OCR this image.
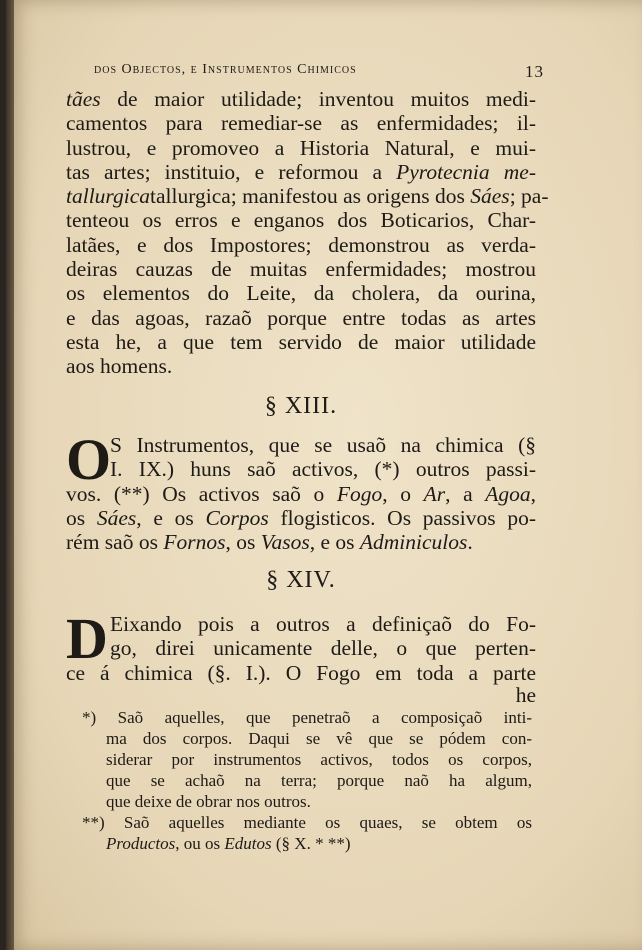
dos Objectos, e Instrumentos Chimicos	13
tães de maior utilidade; inventou muitos medi-
camentos para remediar-se as enfermidades; il-
lustrou, e promoveo a Historia Natural, e mui-
tas artes; instituio, e reformou a Pyrotecnia me-
tallurgicatallurgica; manifestou as origens dos Sáes; pa-
tenteou os erros e enganos dos Boticarios, Char-
latães, e dos Impostores; demonstrou as verda-
deiras cauzas de muitas enfermidades; mostrou
os elementos do Leite, da cholera, da ourina,
e das agoas, razaõ porque entre todas as artes
esta he, a que tem servido de maior utilidade
aos homens.
§ XIII.
O
S Instrumentos, que se usaõ na chimica (§
I. IX.) huns saõ activos, (*) outros passi-
vos. (**) Os activos saõ o Fogo, o Ar, a Agoa,
os Sáes, e os Corpos flogisticos. Os passivos po-
rém saõ os Fornos, os Vasos, e os Adminiculos.
§ XIV.
D Eixando pois a outros a definiçaõ do Fo-
go, direi unicamente delle, o que perten-
ce á chimica (§. I.). O Fogo em toda a parte
he
*) Saõ aquelles, que penetraõ a composiçaõ inti-
ma dos corpos. Daqui se vê que se pódem con-
siderar por instrumentos activos, todos os corpos,
que se achaõ na terra; porque naõ ha algum,
que deixe de obrar nos outros.
**) Saõ aquelles mediante os quaes, se obtem os
Productos, ou os Edutos (§ X. * **)
